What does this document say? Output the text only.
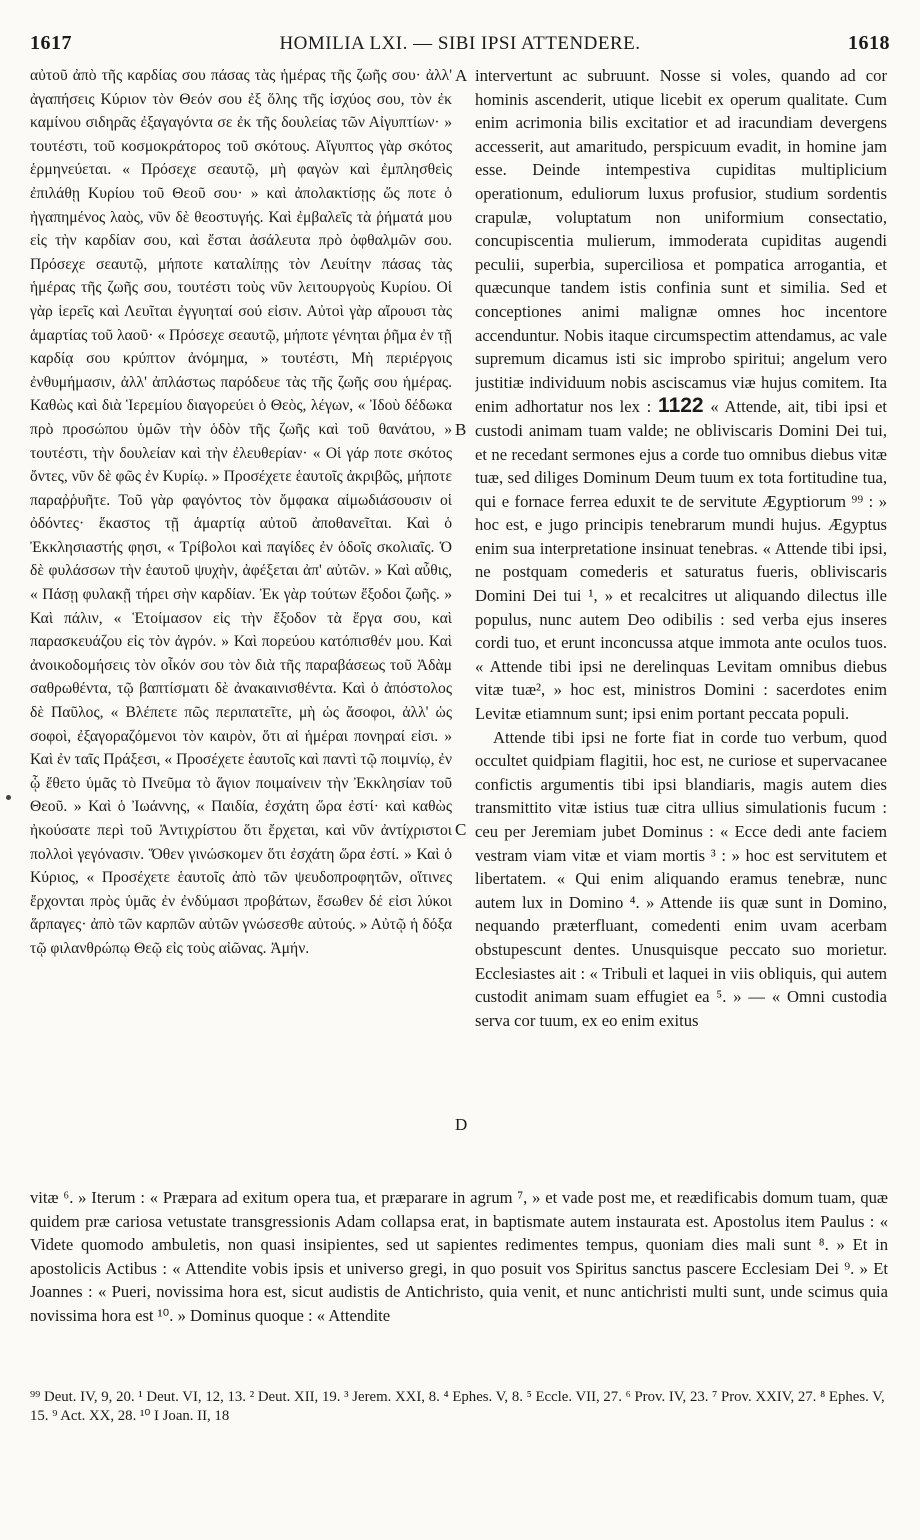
1617	HOMILIA LXI. — SIBI IPSI ATTENDERE.	1618

αὐτοῦ ἀπὸ τῆς καρδίας σου πάσας τὰς ἡμέρας τῆς ζωῆς σου· ἀλλ' ἀγαπήσεις Κύριον τὸν Θεόν σου ἐξ ὅλης τῆς ἰσχύος σου, τὸν ἐκ καμίνου σιδηρᾶς ἐξαγαγόντα σε ἐκ τῆς δουλείας τῶν Αἰγυπτίων· » τουτέστι, τοῦ κοσμοκράτορος τοῦ σκότους. Αἴγυπτος γὰρ σκότος ἑρμηνεύεται. « Πρόσεχε σεαυτῷ, μὴ φαγὼν καὶ ἐμπλησθεὶς ἐπιλάθῃ Κυρίου τοῦ Θεοῦ σου· » καὶ ἀπολακτίσῃς ὥς ποτε ὁ ἠγαπημένος λαὸς, νῦν δὲ θεοστυγής. Καὶ ἐμβαλεῖς τὰ ῥήματά μου εἰς τὴν καρδίαν σου, καὶ ἔσται ἀσάλευτα πρὸ ὀφθαλμῶν σου. Πρόσεχε σεαυτῷ, μήποτε καταλίπῃς τὸν Λευίτην πάσας τὰς ἡμέρας τῆς ζωῆς σου, τουτέστι τοὺς νῦν λειτουργοὺς Κυρίου. Οἱ γὰρ ἱερεῖς καὶ Λευῖται ἐγγυηταί σού εἰσιν. Αὐτοὶ γὰρ αἴρουσι τὰς ἁμαρτίας τοῦ λαοῦ· « Πρόσεχε σεαυτῷ, μήποτε γένηται ῥῆμα ἐν τῇ καρδίᾳ σου κρύπτον ἀνόμημα, » τουτέστι, Μὴ περιέργοις ἐνθυμήμασιν, ἀλλ' ἀπλάστως παρόδευε τὰς τῆς ζωῆς σου ἡμέρας. Καθὼς καὶ διὰ Ἱερεμίου διαγορεύει ὁ Θεὸς, λέγων, « Ἰδοὺ δέδωκα πρὸ προσώπου ὑμῶν τὴν ὁδὸν τῆς ζωῆς καὶ τοῦ θανάτου, » τουτέστι, τὴν δουλείαν καὶ τὴν ἐλευθερίαν· « Οἱ γάρ ποτε σκότος ὄντες, νῦν δὲ φῶς ἐν Κυρίῳ. » Προσέχετε ἑαυτοῖς ἀκριβῶς, μήποτε παραῤῥυῆτε. Τοῦ γὰρ φαγόντος τὸν ὄμφακα αἱμωδιάσουσιν οἱ ὀδόντες· ἕκαστος τῇ ἁμαρτίᾳ αὐτοῦ ἀποθανεῖται. Καὶ ὁ Ἐκκλησιαστής φησι, « Τρίβολοι καὶ παγίδες ἐν ὁδοῖς σκολιαῖς. Ὁ δὲ φυλάσσων τὴν ἑαυτοῦ ψυχὴν, ἀφέξεται ἀπ' αὐτῶν. » Καὶ αὖθις, « Πάσῃ φυλακῇ τήρει σὴν καρδίαν. Ἐκ γὰρ τούτων ἔξοδοι ζωῆς. » Καὶ πάλιν, « Ἑτοίμασον εἰς τὴν ἔξοδον τὰ ἔργα σου, καὶ παρασκευάζου εἰς τὸν ἀγρόν. » Καὶ πορεύου κατόπισθέν μου. Καὶ ἀνοικοδομήσεις τὸν οἶκόν σου τὸν διὰ τῆς παραβάσεως τοῦ Ἀδὰμ σαθρωθέντα, τῷ βαπτίσματι δὲ ἀνακαινισθέντα. Καὶ ὁ ἀπόστολος δὲ Παῦλος, « Βλέπετε πῶς περιπατεῖτε, μὴ ὡς ἄσοφοι, ἀλλ' ὡς σοφοὶ, ἐξαγοραζόμενοι τὸν καιρὸν, ὅτι αἱ ἡμέραι πονηραί εἰσι. » Καὶ ἐν ταῖς Πράξεσι, « Προσέχετε ἑαυτοῖς καὶ παντὶ τῷ ποιμνίῳ, ἐν ᾧ ἔθετο ὑμᾶς τὸ Πνεῦμα τὸ ἅγιον ποιμαίνειν τὴν Ἐκκλησίαν τοῦ Θεοῦ. » Καὶ ὁ Ἰωάννης, « Παιδία, ἐσχάτη ὥρα ἐστί· καὶ καθὼς ἠκούσατε περὶ τοῦ Ἀντιχρίστου ὅτι ἔρχεται, καὶ νῦν ἀντίχριστοι πολλοὶ γεγόνασιν. Ὅθεν γινώσκομεν ὅτι ἐσχάτη ὥρα ἐστί. » Καὶ ὁ Κύριος, « Προσέχετε ἑαυτοῖς ἀπὸ τῶν ψευδοπροφητῶν, οἵτινες ἔρχονται πρὸς ὑμᾶς ἐν ἐνδύμασι προβάτων, ἔσωθεν δέ εἰσι λύκοι ἅρπαγες· ἀπὸ τῶν καρπῶν αὐτῶν γνώσεσθε αὐτούς. » Αὐτῷ ἡ δόξα τῷ φιλανθρώπῳ Θεῷ εἰς τοὺς αἰῶνας. Ἀμήν.

A
B
C
D

intervertunt ac subruunt. Nosse si voles, quando ad cor hominis ascenderit, utique licebit ex operum qualitate. Cum enim acrimonia bilis excitatior et ad iracundiam devergens accesserit, aut amaritudo, perspicuum evadit, in homine jam esse. Deinde intempestiva cupiditas multiplicium operationum, eduliorum luxus profusior, studium sordentis crapulæ, voluptatum non uniformium consectatio, concupiscentia mulierum, immoderata cupiditas augendi peculii, superbia, superciliosa et pompatica arrogantia, et quæcunque tandem istis confinia sunt et similia. Sed et conceptiones animi malignæ omnes hoc incentore accenduntur. Nobis itaque circumspectim attendamus, ac vale supremum dicamus isti sic improbo spiritui; angelum vero justitiæ individuum nobis asciscamus viæ hujus comitem. Ita enim adhortatur nos lex : 1122 « Attende, ait, tibi ipsi et custodi animam tuam valde; ne obliviscaris Domini Dei tui, et ne recedant sermones ejus a corde tuo omnibus diebus vitæ tuæ, sed diliges Dominum Deum tuum ex tota fortitudine tua, qui e fornace ferrea eduxit te de servitute Ægyptiorum ⁹⁹ : » hoc est, e jugo principis tenebrarum mundi hujus. Ægyptus enim sua interpretatione insinuat tenebras. « Attende tibi ipsi, ne postquam comederis et saturatus fueris, obliviscaris Domini Dei tui ¹, » et recalcitres ut aliquando dilectus ille populus, nunc autem Deo odibilis : sed verba ejus inseres cordi tuo, et erunt inconcussa atque immota ante oculos tuos. « Attende tibi ipsi ne derelinquas Levitam omnibus diebus vitæ tuæ², » hoc est, ministros Domini : sacerdotes enim Levitæ etiamnum sunt; ipsi enim portant peccata populi.

Attende tibi ipsi ne forte fiat in corde tuo verbum, quod occultet quidpiam flagitii, hoc est, ne curiose et supervacanee confictis argumentis tibi ipsi blandiaris, magis autem dies transmittito vitæ istius tuæ citra ullius simulationis fucum : ceu per Jeremiam jubet Dominus : « Ecce dedi ante faciem vestram viam vitæ et viam mortis ³ : » hoc est servitutem et libertatem. « Qui enim aliquando eramus tenebræ, nunc autem lux in Domino ⁴. » Attende iis quæ sunt in Domino, nequando præterfluant, comedenti enim uvam acerbam obstupescunt dentes. Unusquisque peccato suo morietur. Ecclesiastes ait : « Tribuli et laquei in viis obliquis, qui autem custodit animam suam effugiet ea ⁵. » — « Omni custodia serva cor tuum, ex eo enim exitus

vitæ ⁶. » Iterum : « Præpara ad exitum opera tua, et præparare in agrum ⁷, » et vade post me, et reædificabis domum tuam, quæ quidem præ cariosa vetustate transgressionis Adam collapsa erat, in baptismate autem instaurata est. Apostolus item Paulus : « Videte quomodo ambuletis, non quasi insipientes, sed ut sapientes redimentes tempus, quoniam dies mali sunt ⁸. » Et in apostolicis Actibus : « Attendite vobis ipsis et universo gregi, in quo posuit vos Spiritus sanctus pascere Ecclesiam Dei ⁹. » Et Joannes : « Pueri, novissima hora est, sicut audistis de Antichristo, quia venit, et nunc antichristi multi sunt, unde scimus quia novissima hora est ¹⁰. » Dominus quoque : « Attendite
⁹⁹ Deut. IV, 9, 20. ¹ Deut. VI, 12, 13. ² Deut. XII, 19. ³ Jerem. XXI, 8. ⁴ Ephes. V, 8. ⁵ Eccle. VII, 27. ⁶ Prov. IV, 23. ⁷ Prov. XXIV, 27. ⁸ Ephes. V, 15. ⁹ Act. XX, 28. ¹⁰ I Joan. II, 18
